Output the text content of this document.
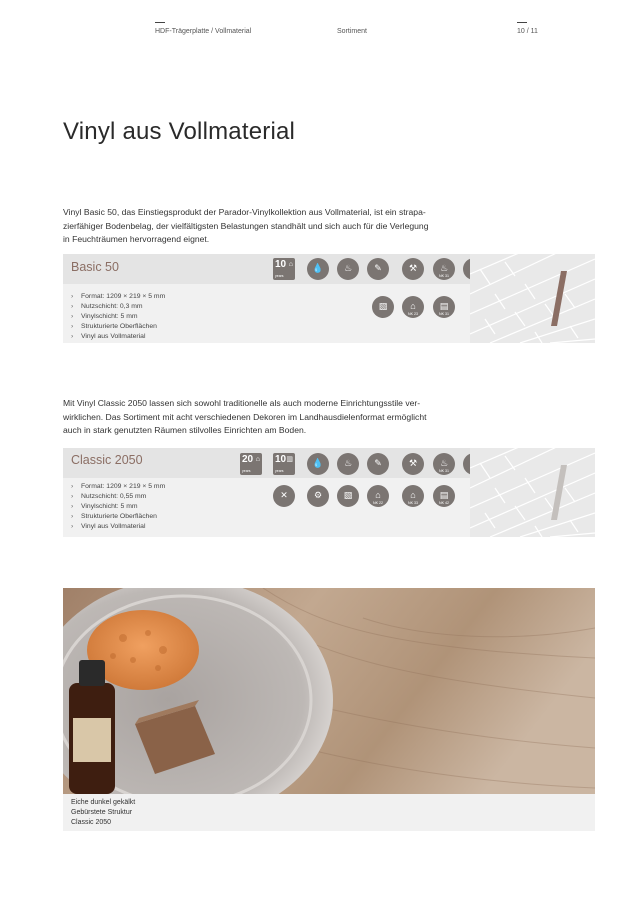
HDF-Trägerplatte / Vollmaterial	Sortiment	10 / 11
Vinyl aus Vollmaterial

Vinyl Basic 50, das Einstiegsprodukt der Parador-Vinylkollektion aus Vollmaterial, ist ein strapa-
zierfähiger Bodenbelag, der vielfältigsten Belastungen standhält und sich auch für die Verlegung
in Feuchträumen hervorragend eignet.

Basic 50	10
years
⌂	💧	♨	✎	⚒	♨
NK 31
▧	⌂
NK 23
▤
NK 31
› Format: 1209 × 219 × 5 mm
› Nutzschicht: 0,3 mm
› Vinylschicht: 5 mm
› Strukturierte Oberflächen
› Vinyl aus Vollmaterial

Mit Vinyl Classic 2050 lassen sich sowohl traditionelle als auch moderne Einrichtungsstile ver-
wirklichen. Das Sortiment mit acht verschiedenen Dekoren im Landhausdielenformat ermöglicht
auch in stark genutzten Räumen stilvolles Einrichten am Boden.

Classic 2050	20
years
⌂ 10
years
▥	💧	♨	✎	⚒	♨
NK 31
✕	⚙	▧	⌂
NK 22
⌂
NK 33
▤
NK 42
› Format: 1209 × 219 × 5 mm
› Nutzschicht: 0,55 mm
› Vinylschicht: 5 mm
› Strukturierte Oberflächen
› Vinyl aus Vollmaterial
Eiche dunkel gekälkt
Gebürstete Struktur
Classic 2050
